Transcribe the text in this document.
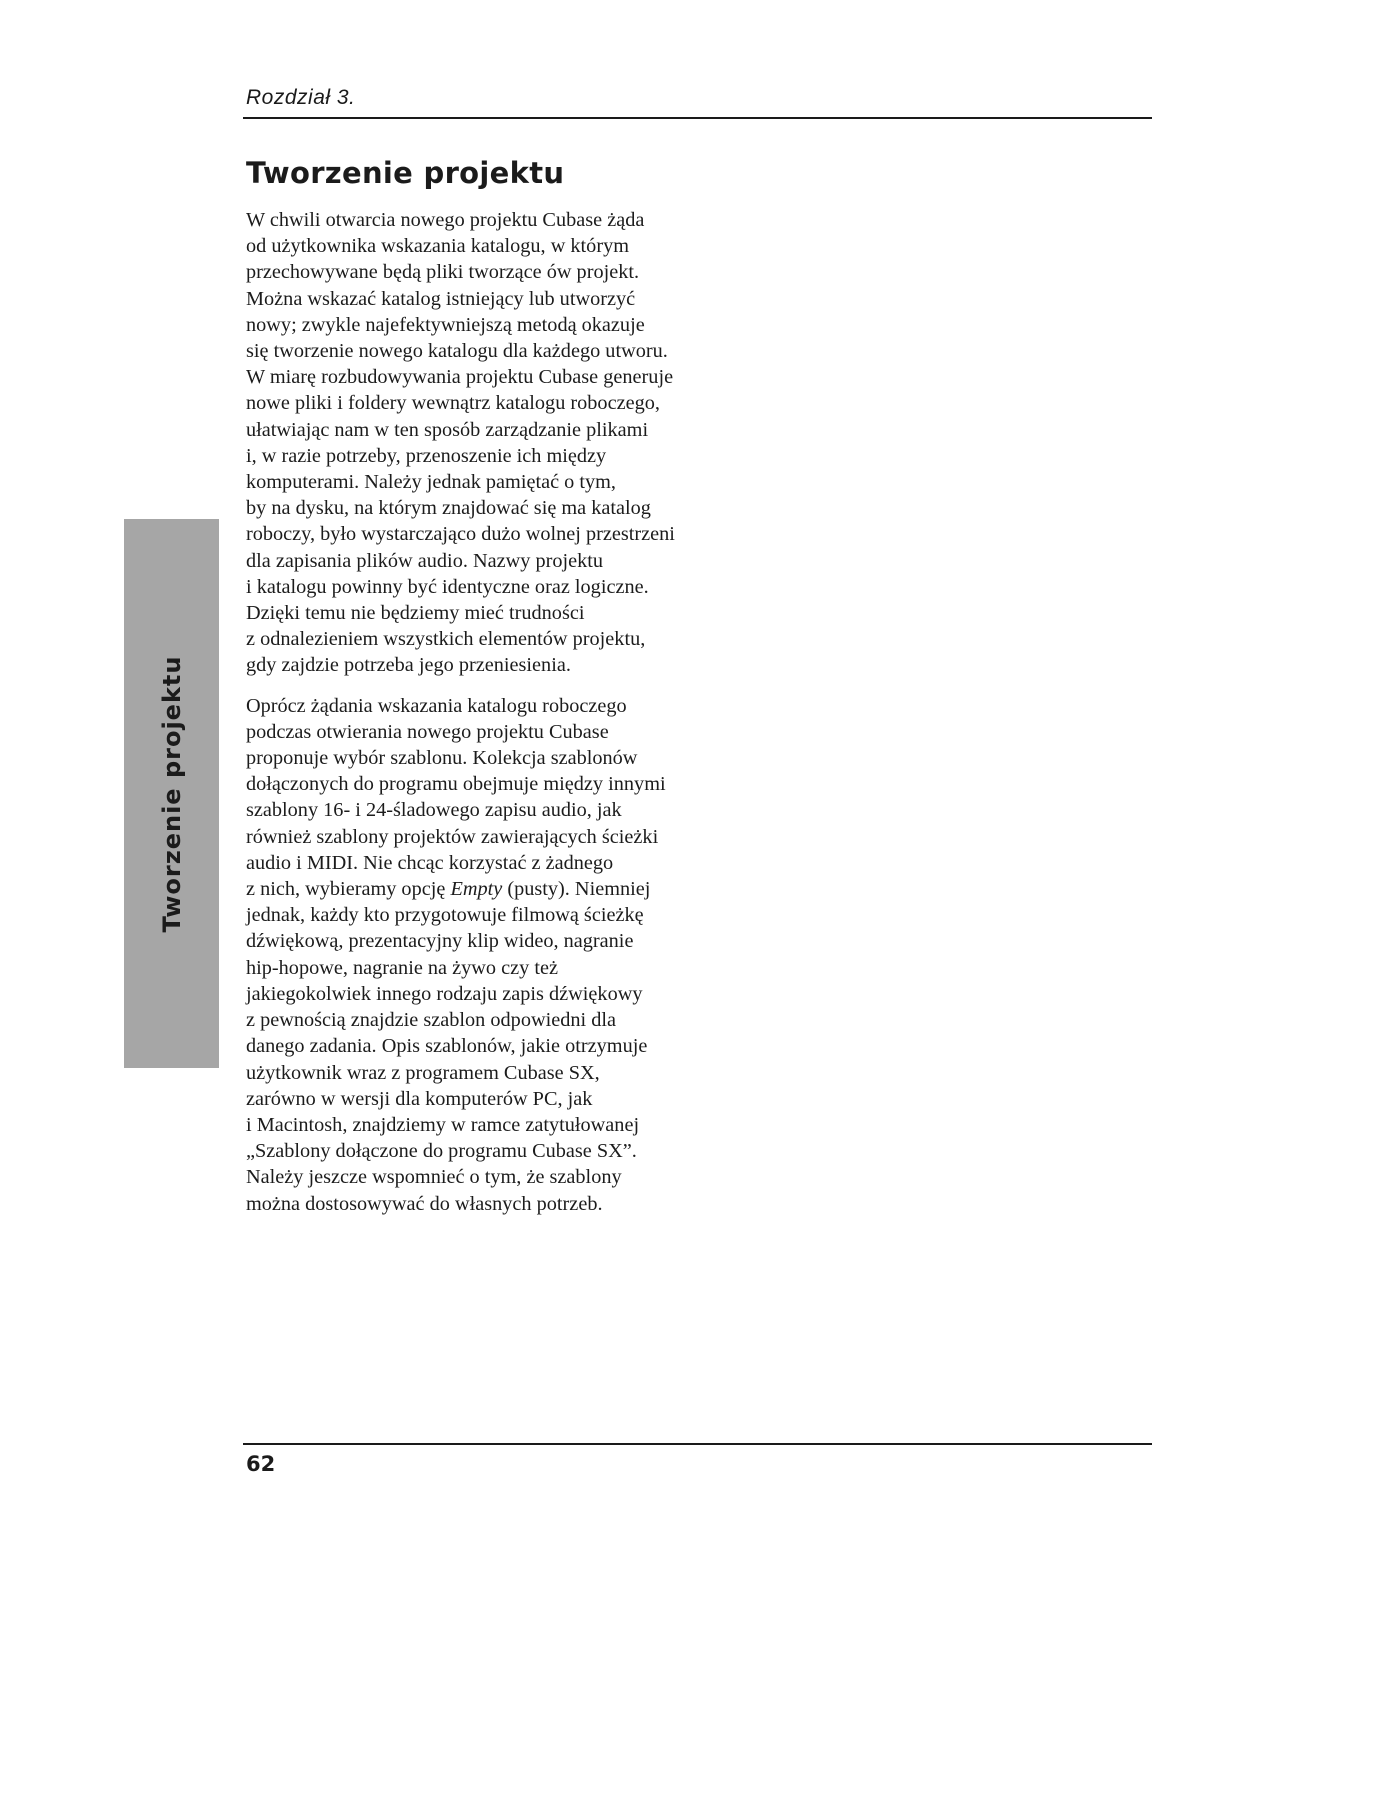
Rozdział 3.
Tworzenie projektu
Tworzenie projektu
W chwili otwarcia nowego projektu Cubase żąda
od użytkownika wskazania katalogu, w którym
przechowywane będą pliki tworzące ów projekt.
Można wskazać katalog istniejący lub utworzyć
nowy; zwykle najefektywniejszą metodą okazuje
się tworzenie nowego katalogu dla każdego utworu.
W miarę rozbudowywania projektu Cubase generuje
nowe pliki i foldery wewnątrz katalogu roboczego,
ułatwiając nam w ten sposób zarządzanie plikami
i, w razie potrzeby, przenoszenie ich między
komputerami. Należy jednak pamiętać o tym,
by na dysku, na którym znajdować się ma katalog
roboczy, było wystarczająco dużo wolnej przestrzeni
dla zapisania plików audio. Nazwy projektu
i katalogu powinny być identyczne oraz logiczne.
Dzięki temu nie będziemy mieć trudności
z odnalezieniem wszystkich elementów projektu,
gdy zajdzie potrzeba jego przeniesienia.
Oprócz żądania wskazania katalogu roboczego
podczas otwierania nowego projektu Cubase
proponuje wybór szablonu. Kolekcja szablonów
dołączonych do programu obejmuje między innymi
szablony 16- i 24-śladowego zapisu audio, jak
również szablony projektów zawierających ścieżki
audio i MIDI. Nie chcąc korzystać z żadnego
z nich, wybieramy opcję Empty (pusty). Niemniej
jednak, każdy kto przygotowuje filmową ścieżkę
dźwiękową, prezentacyjny klip wideo, nagranie
hip-hopowe, nagranie na żywo czy też
jakiegokolwiek innego rodzaju zapis dźwiękowy
z pewnością znajdzie szablon odpowiedni dla
danego zadania. Opis szablonów, jakie otrzymuje
użytkownik wraz z programem Cubase SX,
zarówno w wersji dla komputerów PC, jak
i Macintosh, znajdziemy w ramce zatytułowanej
„Szablony dołączone do programu Cubase SX”.
Należy jeszcze wspomnieć o tym, że szablony
można dostosowywać do własnych potrzeb.
62
